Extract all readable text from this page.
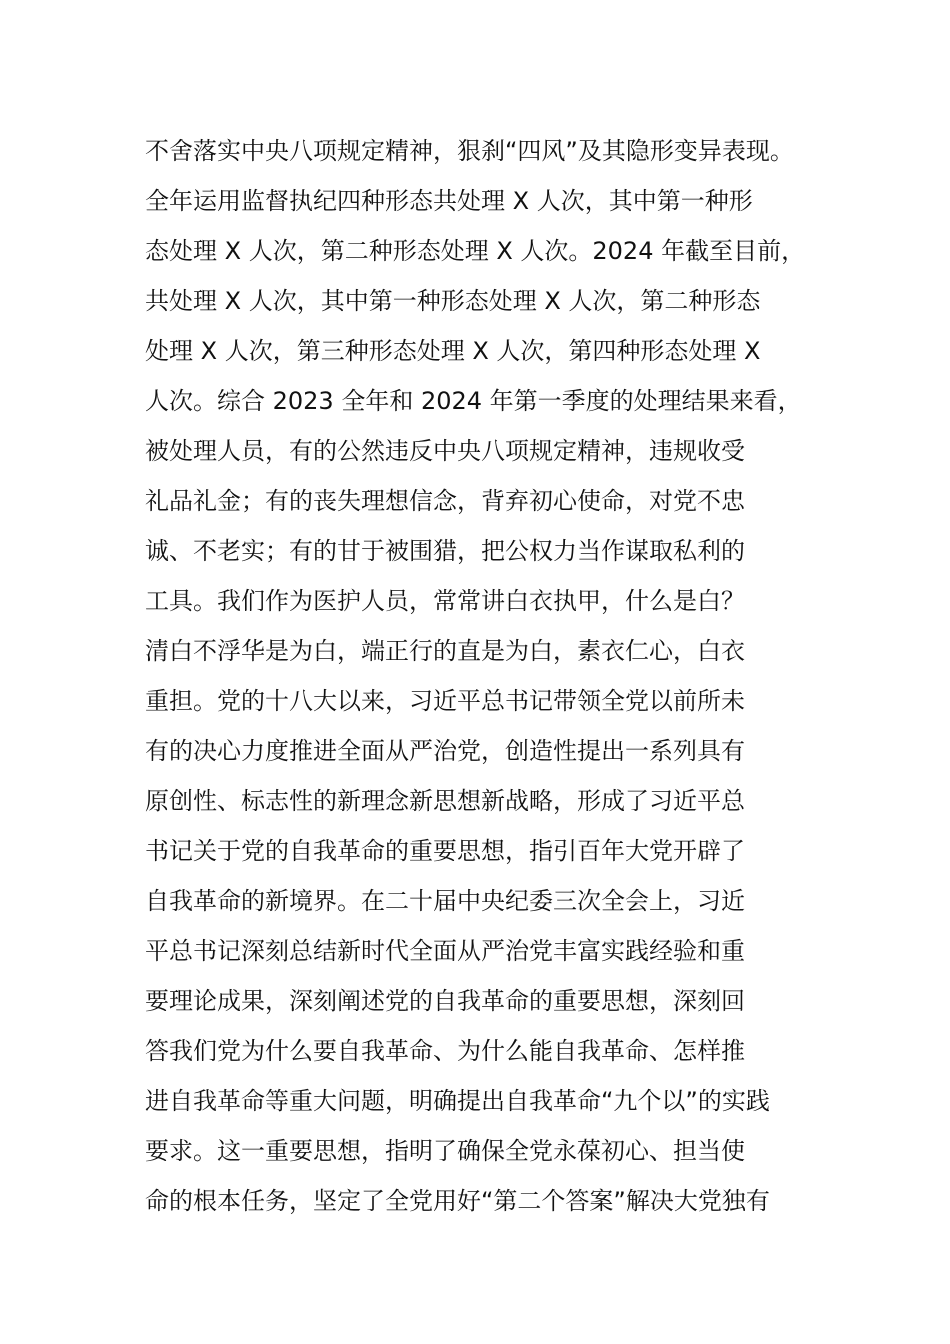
不舍落实中央八项规定精神，狠刹“四风”及其隐形变异表现。
全年运用监督执纪四种形态共处理 X 人次，其中第一种形
态处理 X 人次，第二种形态处理 X 人次。2024 年截至目前，
共处理 X 人次，其中第一种形态处理 X 人次，第二种形态
处理 X 人次，第三种形态处理 X 人次，第四种形态处理 X
人次。综合 2023 全年和 2024 年第一季度的处理结果来看，
被处理人员，有的公然违反中央八项规定精神，违规收受
礼品礼金；有的丧失理想信念，背弃初心使命，对党不忠
诚、不老实；有的甘于被围猎，把公权力当作谋取私利的
工具。我们作为医护人员，常常讲白衣执甲，什么是白？
清白不浮华是为白，端正行的直是为白，素衣仁心，白衣
重担。党的十八大以来，习近平总书记带领全党以前所未
有的决心力度推进全面从严治党，创造性提出一系列具有
原创性、标志性的新理念新思想新战略，形成了习近平总
书记关于党的自我革命的重要思想，指引百年大党开辟了
自我革命的新境界。在二十届中央纪委三次全会上，习近
平总书记深刻总结新时代全面从严治党丰富实践经验和重
要理论成果，深刻阐述党的自我革命的重要思想，深刻回
答我们党为什么要自我革命、为什么能自我革命、怎样推
进自我革命等重大问题，明确提出自我革命“九个以”的实践
要求。这一重要思想，指明了确保全党永葆初心、担当使
命的根本任务，坚定了全党用好“第二个答案”解决大党独有
